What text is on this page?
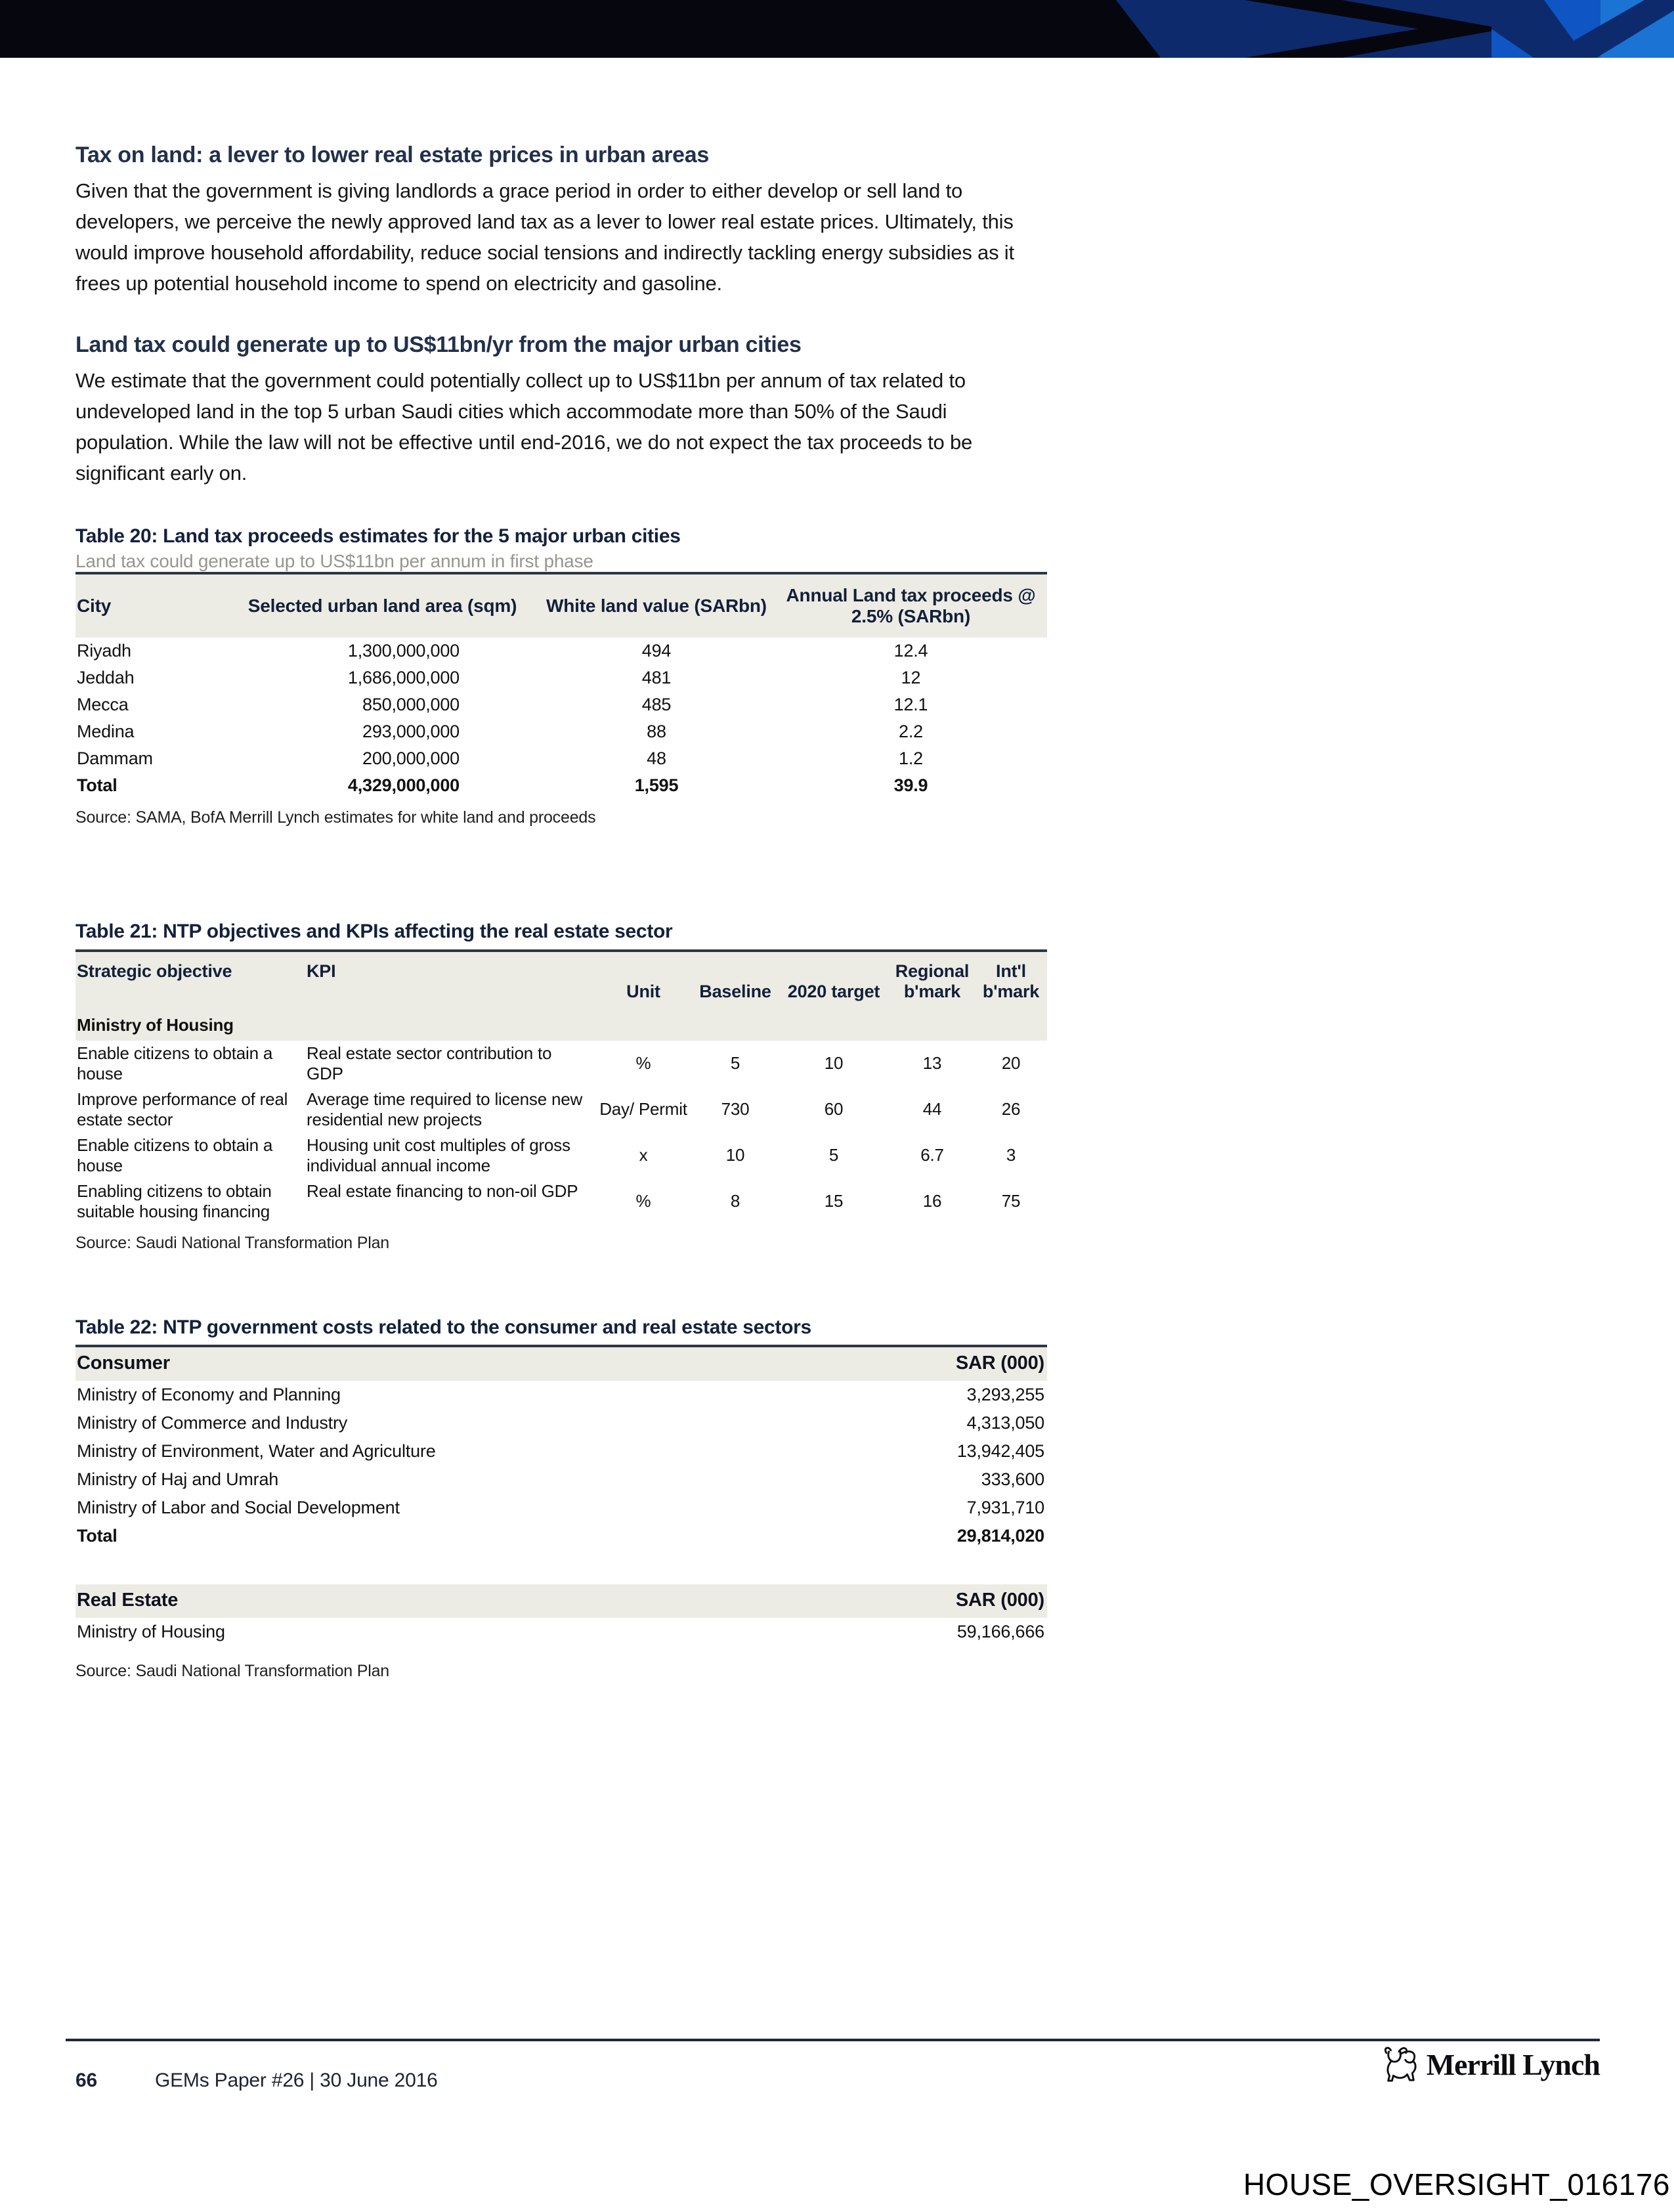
Tax on land: a lever to lower real estate prices in urban areas

Given that the government is giving landlords a grace period in order to either develop or sell land to developers, we perceive the newly approved land tax as a lever to lower real estate prices. Ultimately, this would improve household affordability, reduce social tensions and indirectly tackling energy subsidies as it frees up potential household income to spend on electricity and gasoline.

Land tax could generate up to US$11bn/yr from the major urban cities

We estimate that the government could potentially collect up to US$11bn per annum of tax related to undeveloped land in the top 5 urban Saudi cities which accommodate more than 50% of the Saudi population. While the law will not be effective until end-2016, we do not expect the tax proceeds to be significant early on.

Table 20: Land tax proceeds estimates for the 5 major urban cities
Land tax could generate up to US$11bn per annum in first phase
City	Selected urban land area (sqm)	White land value (SARbn)	Annual Land tax proceeds @ 2.5% (SARbn)
Riyadh	1,300,000,000	494	12.4
Jeddah	1,686,000,000	481	12
Mecca	850,000,000	485	12.1
Medina	293,000,000	88	2.2
Dammam	200,000,000	48	1.2
Total	4,329,000,000	1,595	39.9
Source: SAMA, BofA Merrill Lynch estimates for white land and proceeds
Table 21: NTP objectives and KPIs affecting the real estate sector
Strategic objective	KPI	Unit	Baseline	2020 target	Regional b'mark	Int'l b'mark
Ministry of Housing						
Enable citizens to obtain a house	Real estate sector contribution to GDP	%	5	10	13	20
Improve performance of real estate sector	Average time required to license new residential new projects	Day/ Permit	730	60	44	26
Enable citizens to obtain a house	Housing unit cost multiples of gross individual annual income	x	10	5	6.7	3
Enabling citizens to obtain suitable housing financing	Real estate financing to non-oil GDP	%	8	15	16	75
Source: Saudi National Transformation Plan
Table 22: NTP government costs related to the consumer and real estate sectors
Consumer	SAR (000)
Ministry of Economy and Planning	3,293,255
Ministry of Commerce and Industry	4,313,050
Ministry of Environment, Water and Agriculture	13,942,405
Ministry of Haj and Umrah	333,600
Ministry of Labor and Social Development	7,931,710
Total	29,814,020
Real Estate	SAR (000)
Ministry of Housing	59,166,666
Source: Saudi National Transformation Plan
66	GEMs Paper #26 | 30 June 2016	Merrill Lynch
HOUSE_OVERSIGHT_016176
